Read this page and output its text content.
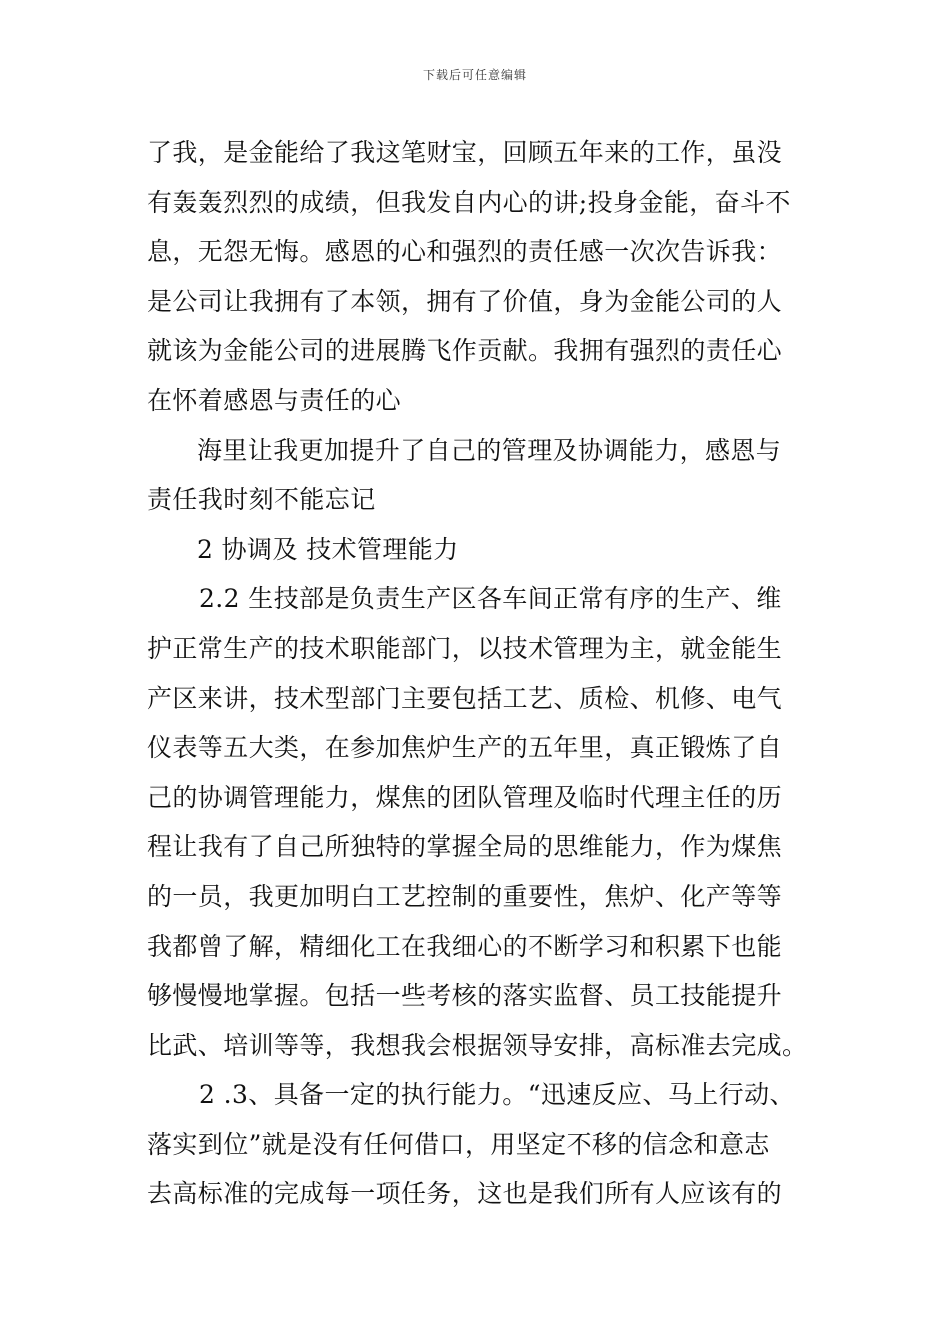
下载后可任意编辑
了我，是金能给了我这笔财宝，回顾五年来的工作，虽没
有轰轰烈烈的成绩，但我发自内心的讲;投身金能，奋斗不
息，无怨无悔。感恩的心和强烈的责任感一次次告诉我：
是公司让我拥有了本领，拥有了价值，身为金能公司的人
就该为金能公司的进展腾飞作贡献。我拥有强烈的责任心
在怀着感恩与责任的心
海里让我更加提升了自己的管理及协调能力，感恩与
责任我时刻不能忘记
2 协调及 技术管理能力
2.2 生技部是负责生产区各车间正常有序的生产、维
护正常生产的技术职能部门，以技术管理为主，就金能生
产区来讲，技术型部门主要包括工艺、质检、机修、电气
仪表等五大类，在参加焦炉生产的五年里，真正锻炼了自
己的协调管理能力，煤焦的团队管理及临时代理主任的历
程让我有了自己所独特的掌握全局的思维能力，作为煤焦
的一员，我更加明白工艺控制的重要性，焦炉、化产等等
我都曾了解，精细化工在我细心的不断学习和积累下也能
够慢慢地掌握。包括一些考核的落实监督、员工技能提升
比武、培训等等，我想我会根据领导安排，高标准去完成。
2 .3、具备一定的执行能力。“迅速反应、马上行动、
落实到位”就是没有任何借口，用坚定不移的信念和意志
去高标准的完成每一项任务，这也是我们所有人应该有的
